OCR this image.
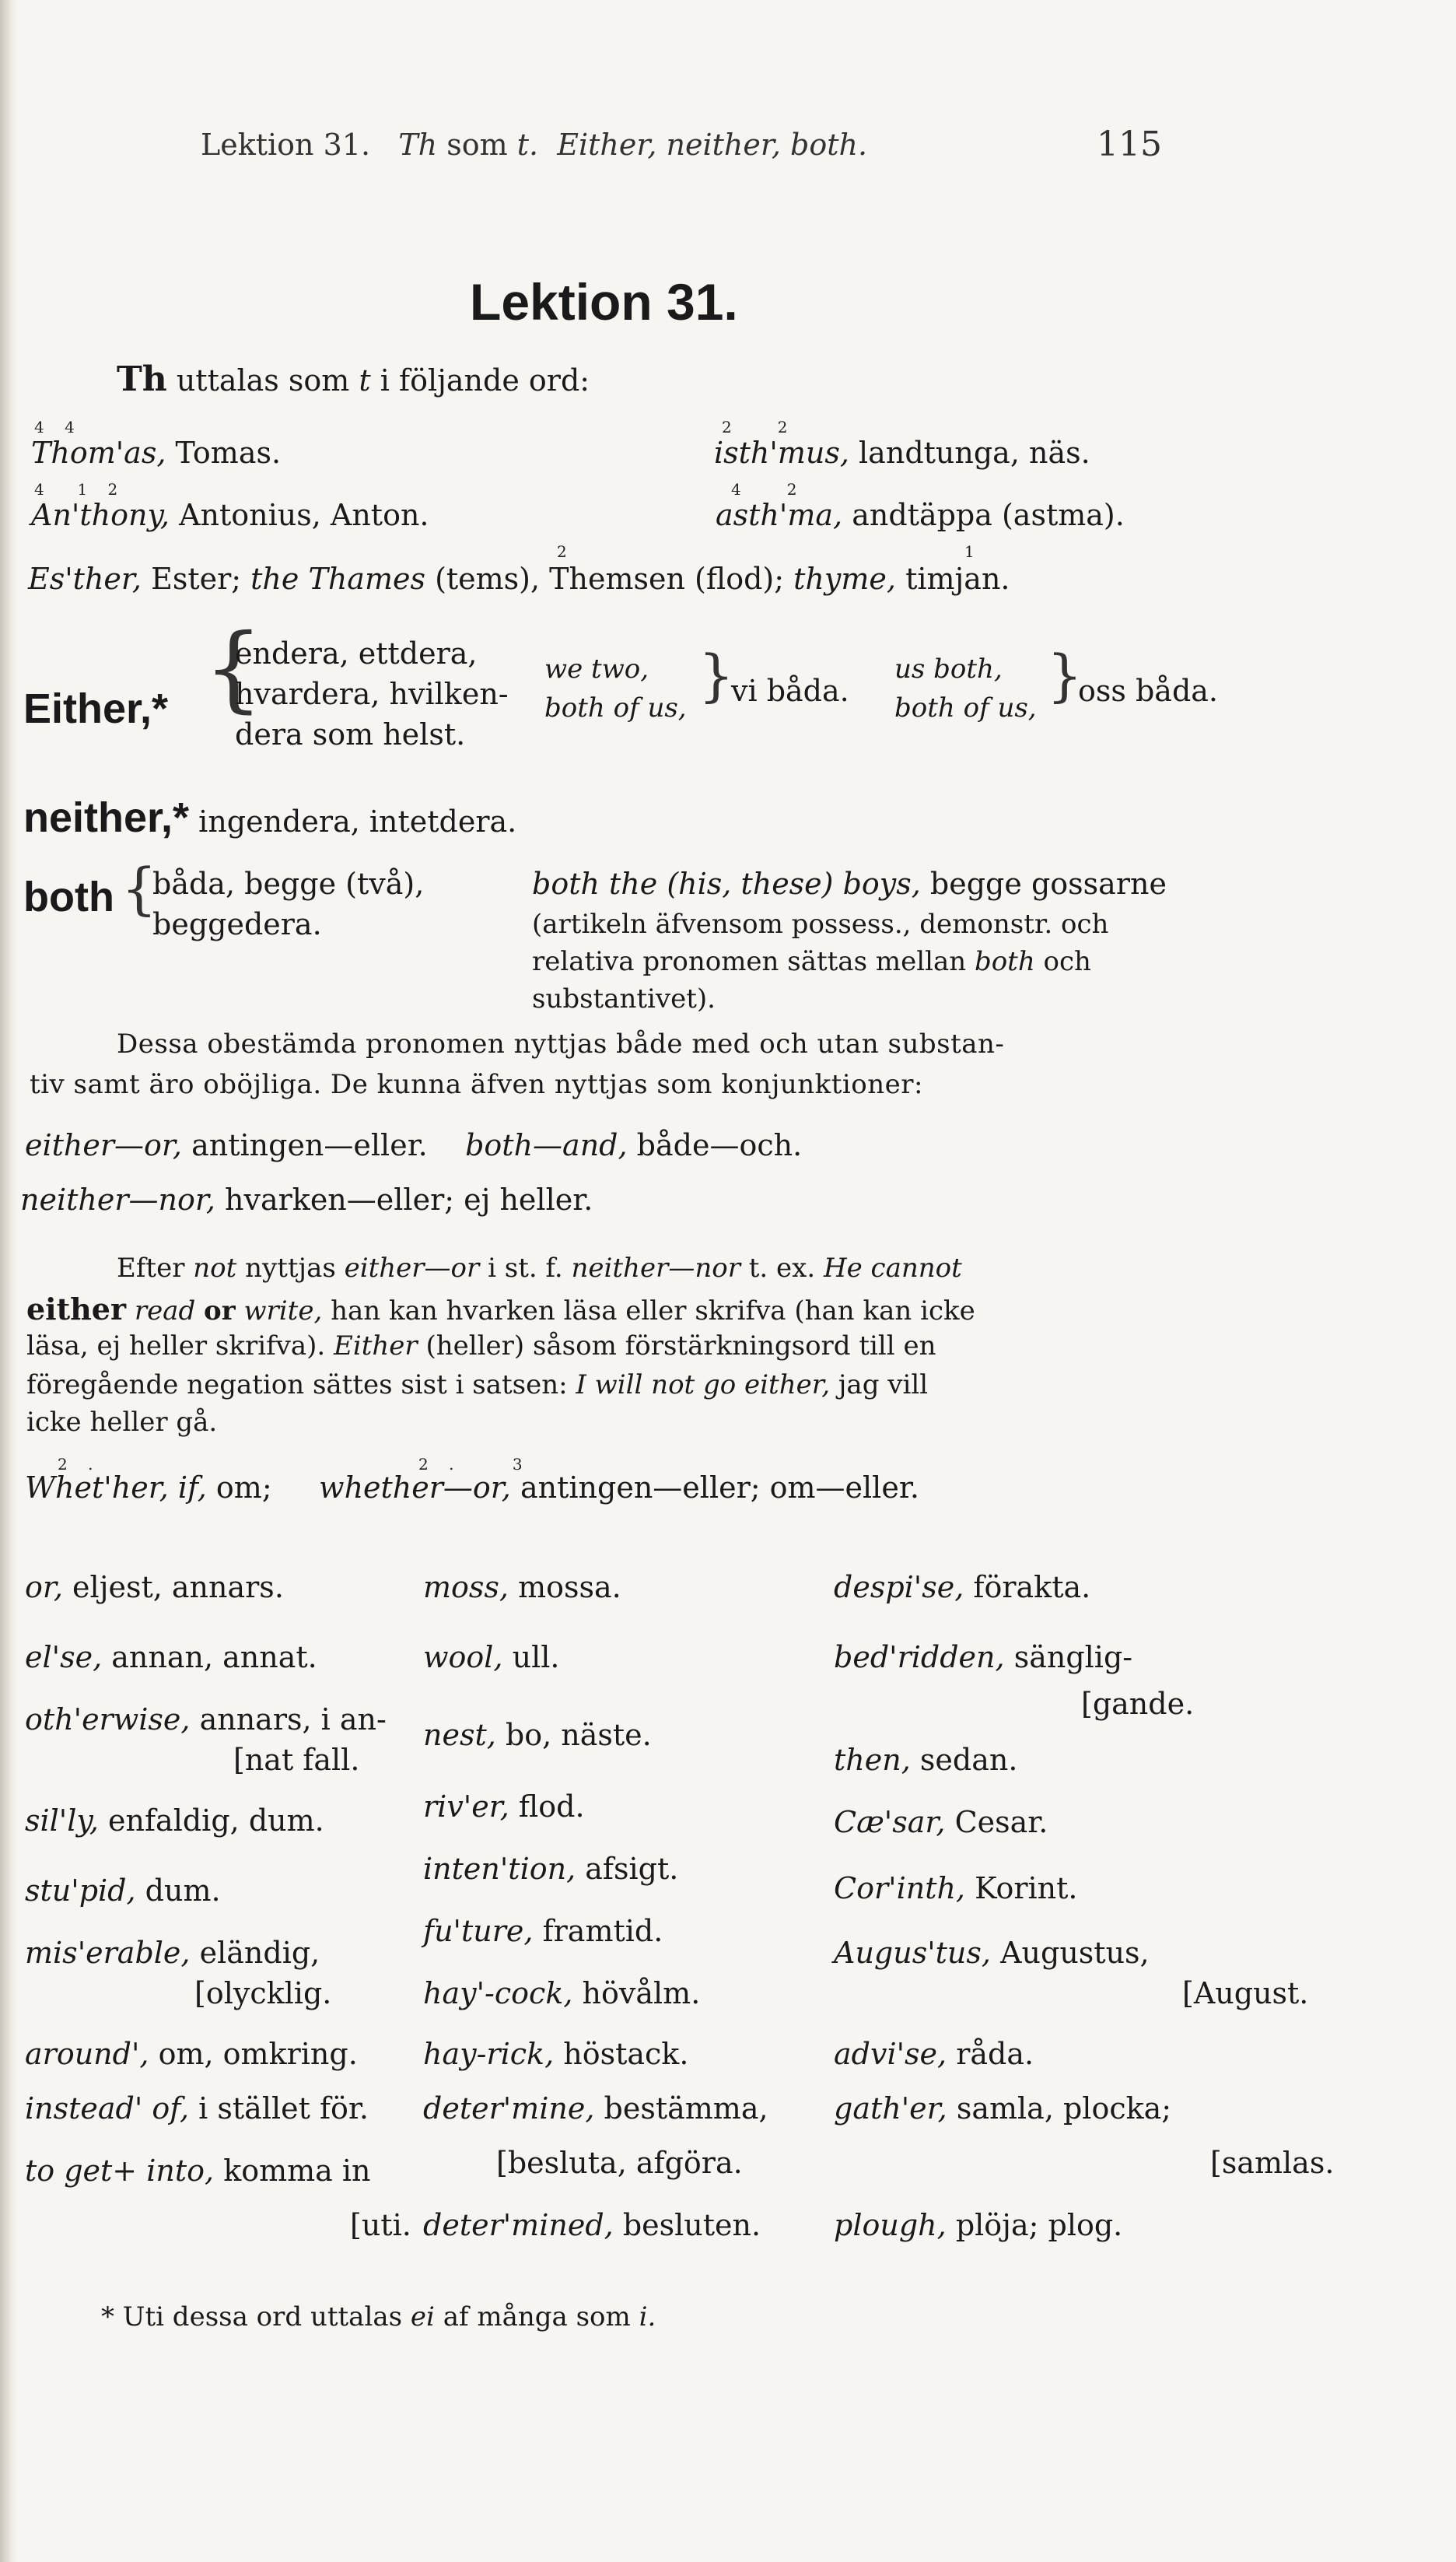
Lektion 31. Th som t. Either, neither, both.	115
Lektion 31.
Th uttalas som t i följande ord:
4 4
Thom'as, Tomas.
2   2
isth'mus, landtunga, näs.
4  1 2
An'thony, Antonius, Anton.
4   2
asth'ma, andtäppa (astma).
2	1
Es'ther, Ester; the Thames (tems), Themsen (flod); thyme, timjan.
Either,* {
endera, ettdera,
hvardera, hvilken-
dera som helst.
we two,
both of us, }
vi båda.
us both,
both of us, }
oss båda.
neither,* ingendera, intetdera.
both {
båda, begge (två),
beggedera.
both the (his, these) boys, begge gossarne
(artikeln äfvensom possess., demonstr. och
relativa pronomen sättas mellan both och
substantivet).
Dessa obestämda pronomen nyttjas både med och utan substan-
tiv samt äro oböjliga. De kunna äfven nyttjas som konjunktioner:
either—or, antingen—eller. both—and, både—och.
neither—nor, hvarken—eller; ej heller.
Efter not nyttjas either—or i st. f. neither—nor t. ex. He cannot
either read or write, han kan hvarken läsa eller skrifva (han kan icke
läsa, ej heller skrifva). Either (heller) såsom förstärkningsord till en
föregående negation sättes sist i satsen: I will not go either, jag vill
icke heller gå.
2 .	2 .    3
Whet'her, if, om; whether—or, antingen—eller; om—eller.
or, eljest, annars.
el'se, annan, annat.
oth'erwise, annars, i an-
[nat fall.
sil'ly, enfaldig, dum.
stu'pid, dum.
mis'erable, eländig,
[olycklig.
around', om, omkring.
instead' of, i stället för.
to get+ into, komma in
[uti.
moss, mossa.
wool, ull.
nest, bo, näste.
riv'er, flod.
inten'tion, afsigt.
fu'ture, framtid.
hay'-cock, hövålm.
hay-rick, höstack.
deter'mine, bestämma,
[besluta, afgöra.
deter'mined, besluten.
despi'se, förakta.
bed'ridden, sänglig-
[gande.
then, sedan.
Cæ'sar, Cesar.
Cor'inth, Korint.
Augus'tus, Augustus,
[August.
advi'se, råda.
gath'er, samla, plocka;
[samlas.
plough, plöja; plog.
* Uti dessa ord uttalas ei af många som i.
